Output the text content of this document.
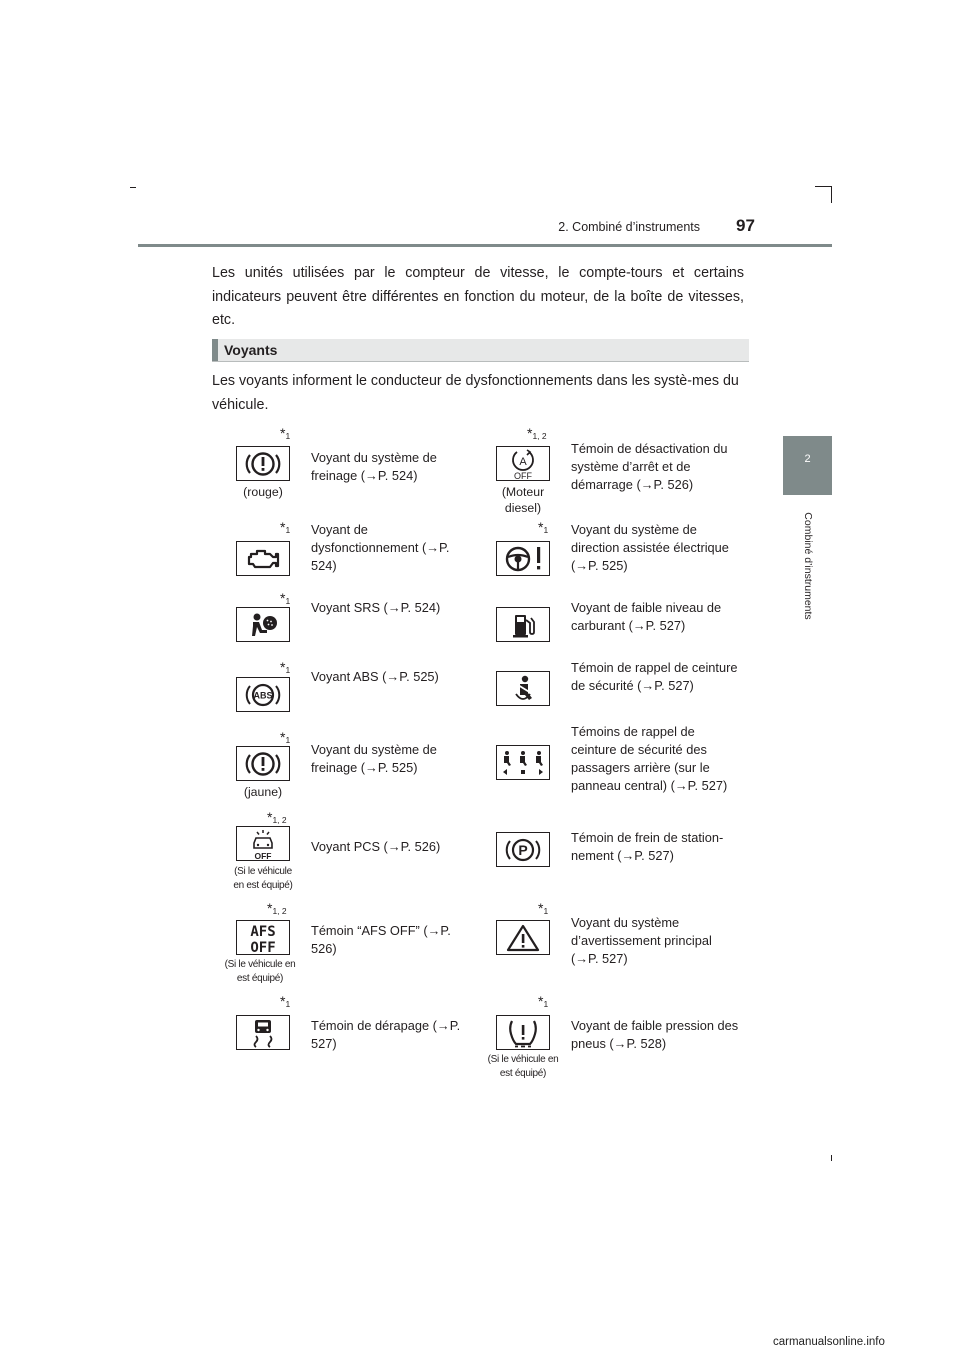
2. Combiné d’instruments 97
2
Combiné d’instruments
Les unités utilisées par le compteur de vitesse, le compte-tours et certains indicateurs peuvent être différentes en fonction du moteur, de la boîte de vitesses, etc.
Voyants
Les voyants informent le conducteur de dysfonctionnements dans les systè-mes du véhicule.
$*_1$
(rouge)
Voyant du système de freinage (→P. 524)
$*_{1, 2}$
A
OFF
(Moteur diesel)
Témoin de désactivation du système d’arrêt et de démarrage (→P. 526)
$*_1$ Voyant de dysfonctionnement (→P. 524)
$*_1$ Voyant du système de direction assistée électrique (→P. 525)
$*_1$ Voyant SRS (→P. 524)	Voyant de faible niveau de carburant (→P. 527)
$*_1$
ABS
Voyant ABS (→P. 525)
Témoin de rappel de ceinture de sécurité (→P. 527)
$*_1$
(jaune)
Voyant du système de freinage (→P. 525)
Témoins de rappel de ceinture de sécurité des passagers arrière (sur le panneau central) (→P. 527)
$*_{1, 2}$
OFF
(Si le véhicule en est équipé)
Voyant PCS (→P. 526)	P
Témoin de frein de station-nement (→P. 527)
$*_{1, 2}$
AFS
OFF
(Si le véhicule en est équipé)
Témoin “AFS OFF” (→P. 526)
$*_1$
Voyant du système d’avertissement principal (→P. 527)
$*_1$
Témoin de dérapage (→P. 527)
$*_1$
(Si le véhicule en est équipé)
Voyant de faible pression des pneus (→P. 528)
carmanualsonline.info
